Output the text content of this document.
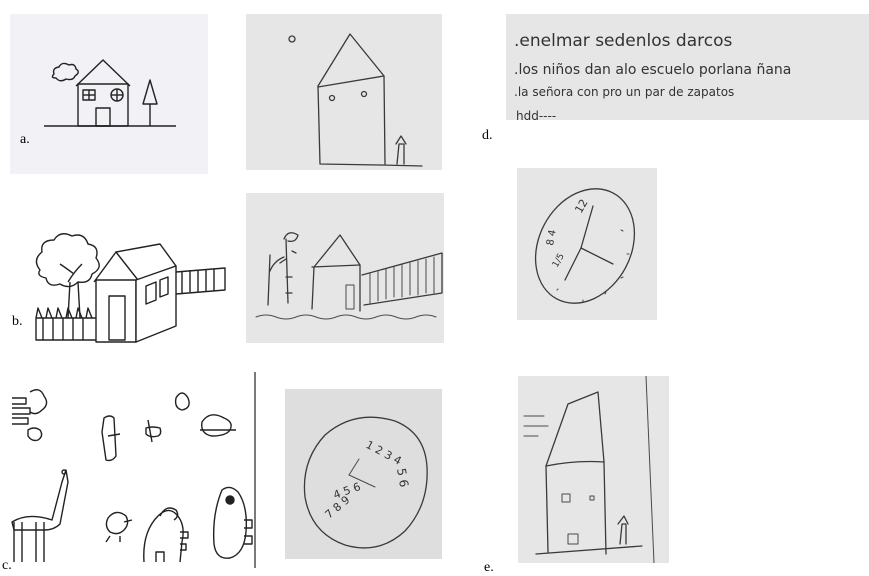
a.
.enelmar sedenlos darcos
.los niños dan alo escuelo porlana ñana
.la señora con pro un par de zapatos
hdd----
d.
b.
12
8 4
1/5
c.
1 2 3 4
5 6
4 5 6
7 8 9
e.
